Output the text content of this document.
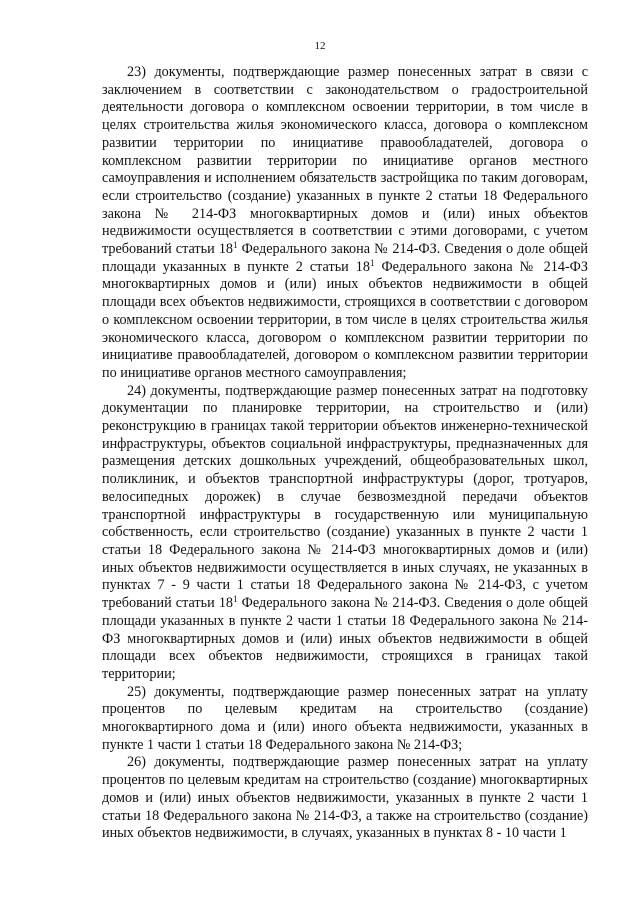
12

23) документы, подтверждающие размер понесенных затрат в связи с заключением в соответствии с законодательством о градостроительной деятельности договора о комплексном освоении территории, в том числе в целях строительства жилья экономического класса, договора о комплексном развитии территории по инициативе правообладателей, договора о комплексном развитии территории по инициативе органов местного самоуправления и исполнением обязательств застройщика по таким договорам, если строительство (создание) указанных в пункте 2 статьи 18 Федерального закона № 214-ФЗ многоквартирных домов и (или) иных объектов недвижимости осуществляется в соответствии с этими договорами, с учетом требований статьи $18^1$ Федерального закона № 214-ФЗ. Сведения о доле общей площади указанных в пункте 2 статьи $18^1$ Федерального закона № 214-ФЗ многоквартирных домов и (или) иных объектов недвижимости в общей площади всех объектов недвижимости, строящихся в соответствии с договором о комплексном освоении территории, в том числе в целях строительства жилья экономического класса, договором о комплексном развитии территории по инициативе правообладателей, договором о комплексном развитии территории по инициативе органов местного самоуправления;

24) документы, подтверждающие размер понесенных затрат на подготовку документации по планировке территории, на строительство и (или) реконструкцию в границах такой территории объектов инженерно-технической инфраструктуры, объектов социальной инфраструктуры, предназначенных для размещения детских дошкольных учреждений, общеобразовательных школ, поликлиник, и объектов транспортной инфраструктуры (дорог, тротуаров, велосипедных дорожек) в случае безвозмездной передачи объектов транспортной инфраструктуры в государственную или муниципальную собственность, если строительство (создание) указанных в пункте 2 части 1 статьи 18 Федерального закона № 214-ФЗ многоквартирных домов и (или) иных объектов недвижимости осуществляется в иных случаях, не указанных в пунктах 7 - 9 части 1 статьи 18 Федерального закона № 214-ФЗ, с учетом требований статьи $18^1$ Федерального закона № 214-ФЗ. Сведения о доле общей площади указанных в пункте 2 части 1 статьи 18 Федерального закона № 214-ФЗ многоквартирных домов и (или) иных объектов недвижимости в общей площади всех объектов недвижимости, строящихся в границах такой территории;

25) документы, подтверждающие размер понесенных затрат на уплату процентов по целевым кредитам на строительство (создание) многоквартирного дома и (или) иного объекта недвижимости, указанных в пункте 1 части 1 статьи 18 Федерального закона № 214-ФЗ;

26) документы, подтверждающие размер понесенных затрат на уплату процентов по целевым кредитам на строительство (создание) многоквартирных домов и (или) иных объектов недвижимости, указанных в пункте 2 части 1 статьи 18 Федерального закона № 214-ФЗ, а также на строительство (создание) иных объектов недвижимости, в случаях, указанных в пунктах 8 - 10 части 1
